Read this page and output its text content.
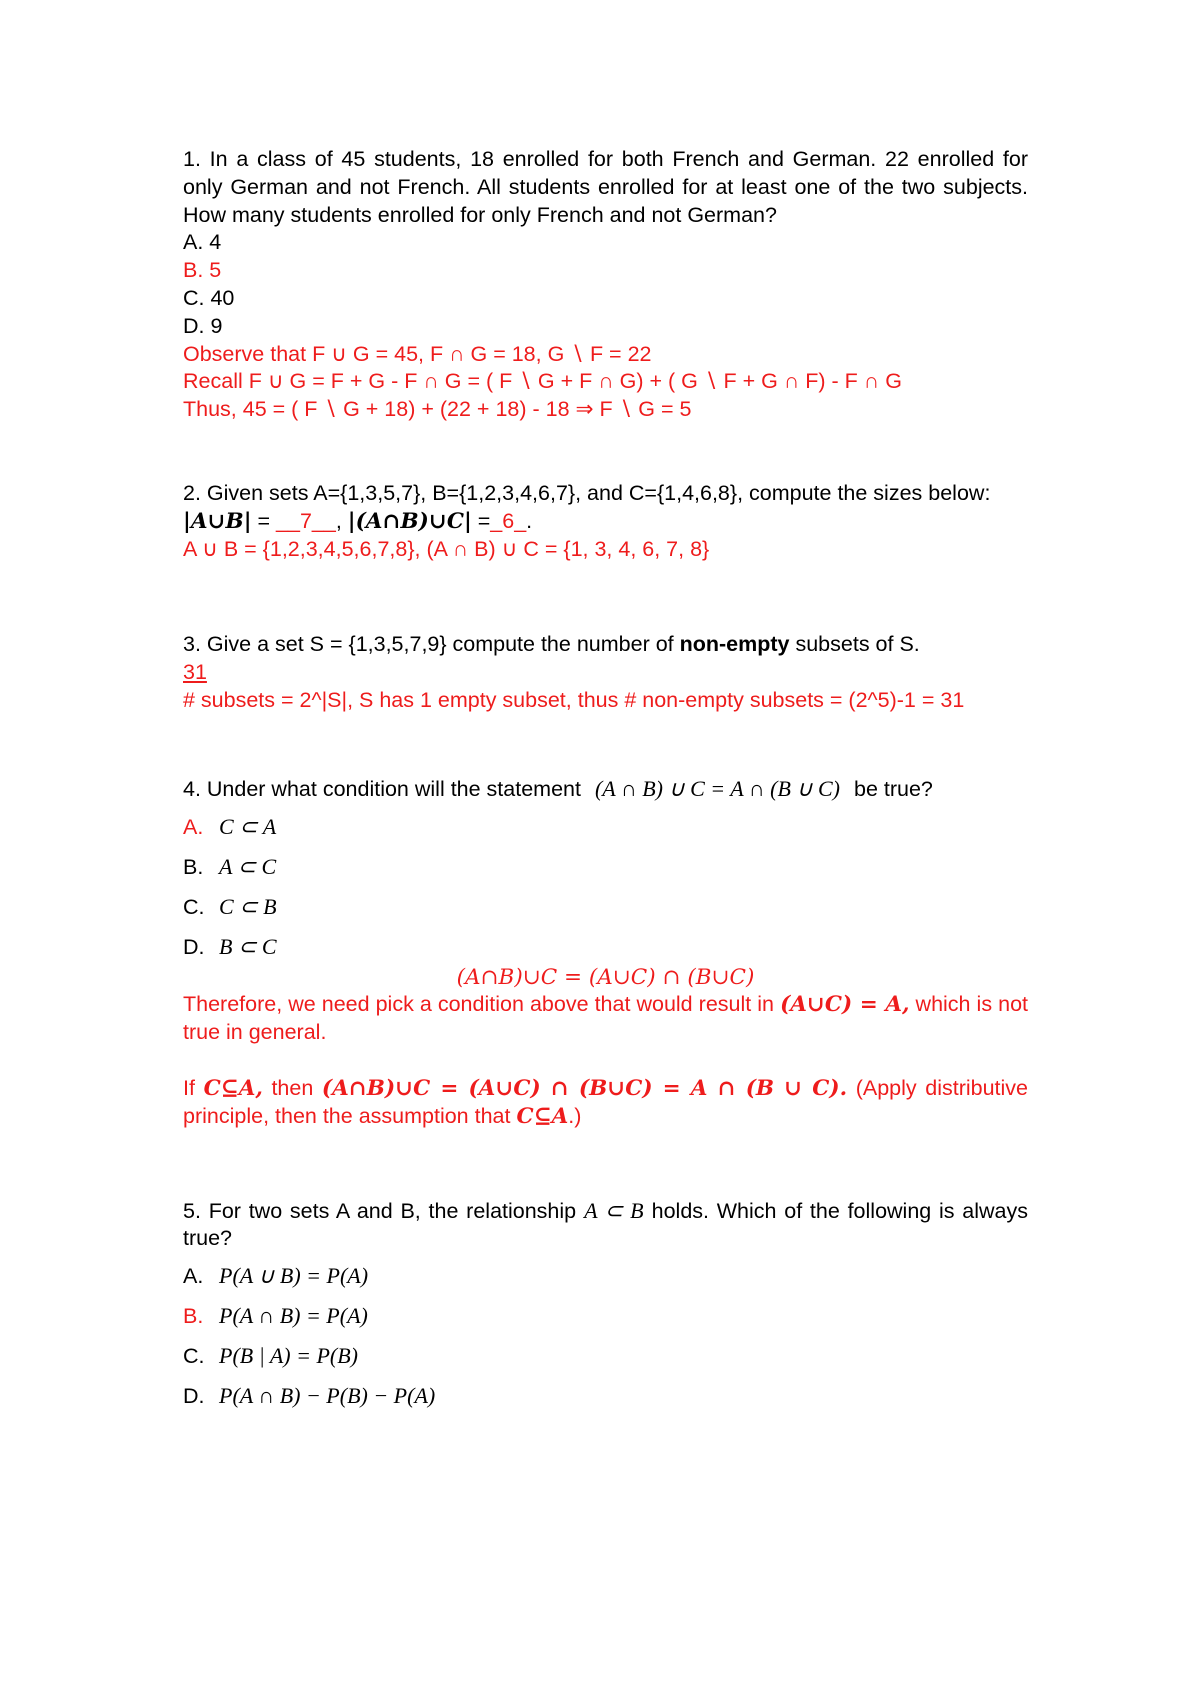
1. In a class of 45 students, 18 enrolled for both French and German. 22 enrolled for only German and not French. All students enrolled for at least one of the two subjects. How many students enrolled for only French and not German?

A. 4

B. 5

C. 40

D. 9

Observe that F ∪ G = 45, F ∩ G = 18, G ∖ F = 22

Recall F ∪ G = F + G - F ∩ G = ( F ∖ G + F ∩ G) + ( G ∖ F + G ∩ F) - F ∩ G

Thus, 45 = ( F ∖ G + 18) + (22 + 18) - 18 ⇒ F ∖ G = 5

2. Given sets A={1,3,5,7}, B={1,2,3,4,6,7}, and C={1,4,6,8}, compute the sizes below:

|A∪B| = __7__, |(A∩B)∪C| =_6_.

A ∪ B = {1,2,3,4,5,6,7,8}, (A ∩ B) ∪ C = {1, 3, 4, 6, 7, 8}

3. Give a set S = {1,3,5,7,9} compute the number of non-empty subsets of S.

31

# subsets = 2^|S|, S has 1 empty subset, thus # non-empty subsets = (2^5)-1 = 31

4. Under what condition will the statement (A ∩ B) ∪ C = A ∩ (B ∪ C) be true?

A. C ⊂ A
B. A ⊂ C
C. C ⊂ B
D. B ⊂ C

(A∩B)∪C = (A∪C) ∩ (B∪C)

Therefore, we need pick a condition above that would result in (A∪C) = A, which is not true in general.

If C⊆A, then (A∩B)∪C = (A∪C) ∩ (B∪C) = A ∩ (B ∪ C). (Apply distributive principle, then the assumption that C⊆A.)

5. For two sets A and B, the relationship A ⊂ B holds. Which of the following is always true?

A. P(A ∪ B) = P(A)
B. P(A ∩ B) = P(A)
C. P(B | A) = P(B)
D. P(A ∩ B) − P(B) − P(A)
